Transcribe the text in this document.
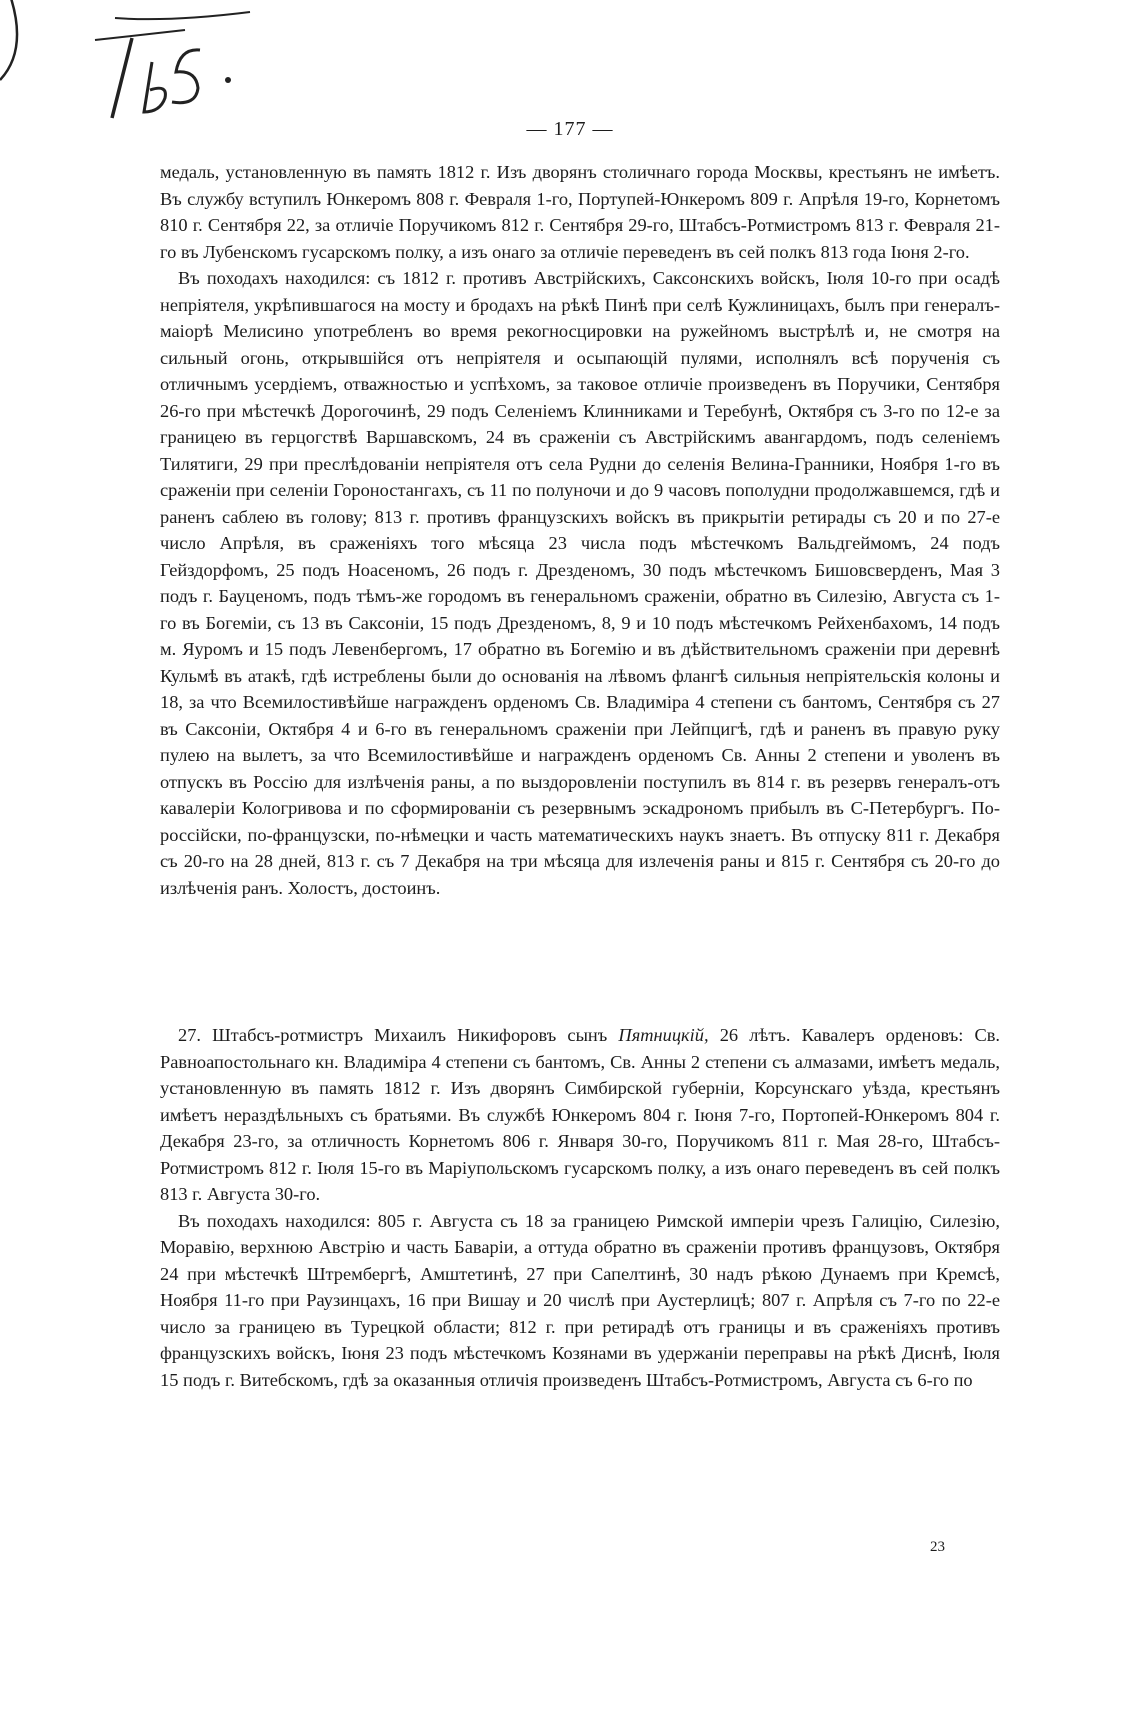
165.
— 177 —

медаль, установленную въ память 1812 г. Изъ дворянъ столичнаго города Москвы, крестьянъ не имѣетъ. Въ службу вступилъ Юнкеромъ 808 г. Февраля 1-го, Портупей-Юнкеромъ 809 г. Апрѣля 19-го, Корнетомъ 810 г. Сентября 22, за отличіе Поручикомъ 812 г. Сентября 29-го, Штабсъ-Ротмистромъ 813 г. Февраля 21-го въ Лубенскомъ гусарскомъ полку, а изъ онаго за отличіе переведенъ въ сей полкъ 813 года Іюня 2-го.

Въ походахъ находился: съ 1812 г. противъ Австрійскихъ, Саксонскихъ войскъ, Іюля 10-го при осадѣ непріятеля, укрѣпившагося на мосту и бродахъ на рѣкѣ Пинѣ при селѣ Кужлиницахъ, былъ при генералъ-маіорѣ Мелисино употребленъ во время рекогносцировки на ружейномъ выстрѣлѣ и, не смотря на сильный огонь, открывшійся отъ непріятеля и осыпающій пулями, исполнялъ всѣ порученія съ отличнымъ усердіемъ, отважностью и успѣхомъ, за таковое отличіе произведенъ въ Поручики, Сентября 26-го при мѣстечкѣ Дорогочинѣ, 29 подъ Селеніемъ Клинниками и Теребунѣ, Октября съ 3-го по 12-е за границею въ герцогствѣ Варшавскомъ, 24 въ сраженіи съ Австрійскимъ авангардомъ, подъ селеніемъ Тилятиги, 29 при преслѣдованіи непріятеля отъ села Рудни до селенія Велина-Гранники, Ноября 1-го въ сраженіи при селеніи Гороностангахъ, съ 11 по полуночи и до 9 часовъ пополудни продолжавшемся, гдѣ и раненъ саблею въ голову; 813 г. противъ французскихъ войскъ въ прикрытіи ретирады съ 20 и по 27-е число Апрѣля, въ сраженіяхъ того мѣсяца 23 числа подъ мѣстечкомъ Вальдгеймомъ, 24 подъ Гейздорфомъ, 25 подъ Ноасеномъ, 26 подъ г. Дрезденомъ, 30 подъ мѣстечкомъ Бишовсверденъ, Мая 3 подъ г. Бауценомъ, подъ тѣмъ-же городомъ въ генеральномъ сраженіи, обратно въ Силезію, Августа съ 1-го въ Богеміи, съ 13 въ Саксоніи, 15 подъ Дрезденомъ, 8, 9 и 10 подъ мѣстечкомъ Рейхенбахомъ, 14 подъ м. Яуромъ и 15 подъ Левенбергомъ, 17 обратно въ Богемію и въ дѣйствительномъ сраженіи при деревнѣ Кульмѣ въ атакѣ, гдѣ истреблены были до основанія на лѣвомъ флангѣ сильныя непріятельскія колоны и 18, за что Всемилостивѣйше награжденъ орденомъ Св. Владиміра 4 степени съ бантомъ, Сентября съ 27 въ Саксоніи, Октября 4 и 6-го въ генеральномъ сраженіи при Лейпцигѣ, гдѣ и раненъ въ правую руку пулею на вылетъ, за что Всемилостивѣйше и награжденъ орденомъ Св. Анны 2 степени и уволенъ въ отпускъ въ Россію для излѣченія раны, а по выздоровленіи поступилъ въ 814 г. въ резервъ генералъ-отъ кавалеріи Кологривова и по сформированіи съ резервнымъ эскадрономъ прибылъ въ С-Петербургъ. По-россійски, по-французски, по-нѣмецки и часть математическихъ наукъ знаетъ. Въ отпуску 811 г. Декабря съ 20-го на 28 дней, 813 г. съ 7 Декабря на три мѣсяца для излеченія раны и 815 г. Сентября съ 20-го до излѣченія ранъ. Холостъ, достоинъ.

27. Штабсъ-ротмистръ Михаилъ Никифоровъ сынъ Пятницкій, 26 лѣтъ. Кавалеръ орденовъ: Св. Равноапостольнаго кн. Владиміра 4 степени съ бантомъ, Св. Анны 2 степени съ алмазами, имѣетъ медаль, установленную въ память 1812 г. Изъ дворянъ Симбирской губерніи, Корсунскаго уѣзда, крестьянъ имѣетъ нераздѣльныхъ съ братьями. Въ службѣ Юнкеромъ 804 г. Іюня 7-го, Портопей-Юнкеромъ 804 г. Декабря 23-го, за отличность Корнетомъ 806 г. Января 30-го, Поручикомъ 811 г. Мая 28-го, Штабсъ-Ротмистромъ 812 г. Іюля 15-го въ Маріупольскомъ гусарскомъ полку, а изъ онаго переведенъ въ сей полкъ 813 г. Августа 30-го.

Въ походахъ находился: 805 г. Августа съ 18 за границею Римской имперіи чрезъ Галицію, Силезію, Моравію, верхнюю Австрію и часть Баваріи, а оттуда обратно въ сраженіи противъ французовъ, Октября 24 при мѣстечкѣ Штрембергѣ, Амштетинѣ, 27 при Сапелтинѣ, 30 надъ рѣкою Дунаемъ при Кремсѣ, Ноября 11-го при Раузинцахъ, 16 при Вишау и 20 числѣ при Аустерлицѣ; 807 г. Апрѣля съ 7-го по 22-е число за границею въ Турецкой области; 812 г. при ретирадѣ отъ границы и въ сраженіяхъ противъ французскихъ войскъ, Іюня 23 подъ мѣстечкомъ Козянами въ удержаніи переправы на рѣкѣ Диснѣ, Іюля 15 подъ г. Витебскомъ, гдѣ за оказанныя отличія произведенъ Штабсъ-Ротмистромъ, Августа съ 6-го по

23
